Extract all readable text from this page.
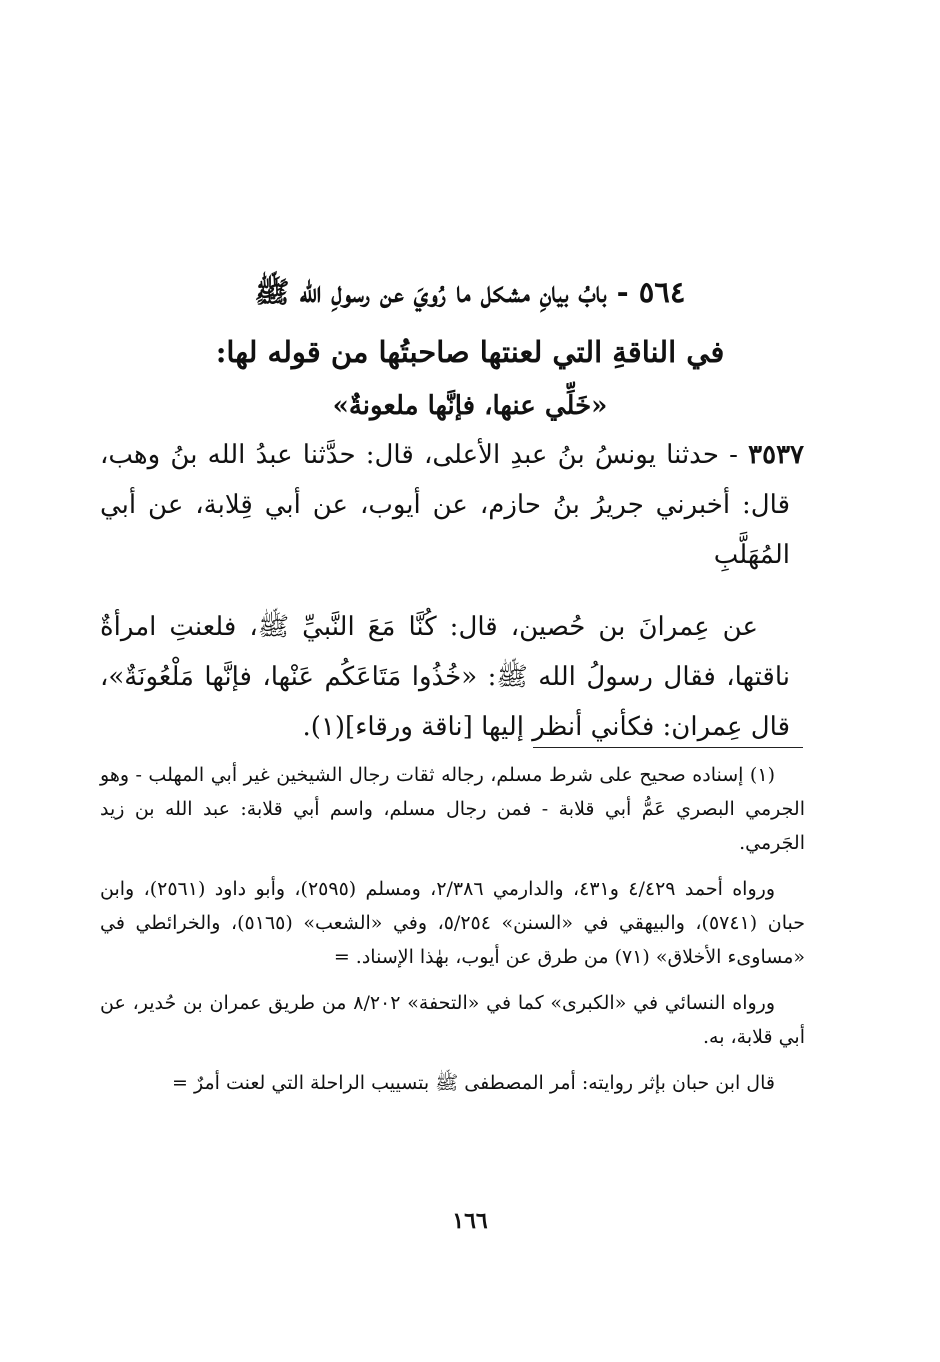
٥٦٤ - بابُ بيانِ مشكل ما رُويَ عن رسولِ الله ﷺ
في الناقةِ التي لعنتها صاحبتُها من قوله لها:
«خَلِّي عنها، فإنَّها ملعونةٌ»

٣٥٣٧ - حدثنا يونسُ بنُ عبدِ الأعلى، قال: حدَّثنا عبدُ الله بنُ وهب، قال: أخبرني جريرُ بنُ حازم، عن أيوب، عن أبي قِلابة، عن أبي المُهَلَّبِ

عن عِمرانَ بن حُصين، قال: كُنَّا مَعَ النَّبيِّ ﷺ، فلعنتِ امرأةٌ ناقتها، فقال رسولُ الله ﷺ: «خُذُوا مَتَاعَكُم عَنْها، فإنَّها مَلْعُونَةٌ»، قال عِمران: فكأني أنظر إليها [ناقة ورقاء](١).

(١) إسناده صحيح على شرط مسلم، رجاله ثقات رجال الشيخين غير أبي المهلب - وهو الجرمي البصري عَمُّ أبي قلابة - فمن رجال مسلم، واسم أبي قلابة: عبد الله بن زيد الجَرمي.

ورواه أحمد ٤/٤٢٩ و٤٣١، والدارمي ٢/٣٨٦، ومسلم (٢٥٩٥)، وأبو داود (٢٥٦١)، وابن حبان (٥٧٤١)، والبيهقي في «السنن» ٥/٢٥٤، وفي «الشعب» (٥١٦٥)، والخرائطي في «مساوىء الأخلاق» (٧١) من طرق عن أيوب، بهٰذا الإسناد. =

ورواه النسائي في «الكبرى» كما في «التحفة» ٨/٢٠٢ من طريق عمران بن حُدير، عن أبي قلابة، به.

قال ابن حبان بإثر روايته: أمر المصطفى ﷺ بتسييب الراحلة التي لعنت أمرٌ =

١٦٦
